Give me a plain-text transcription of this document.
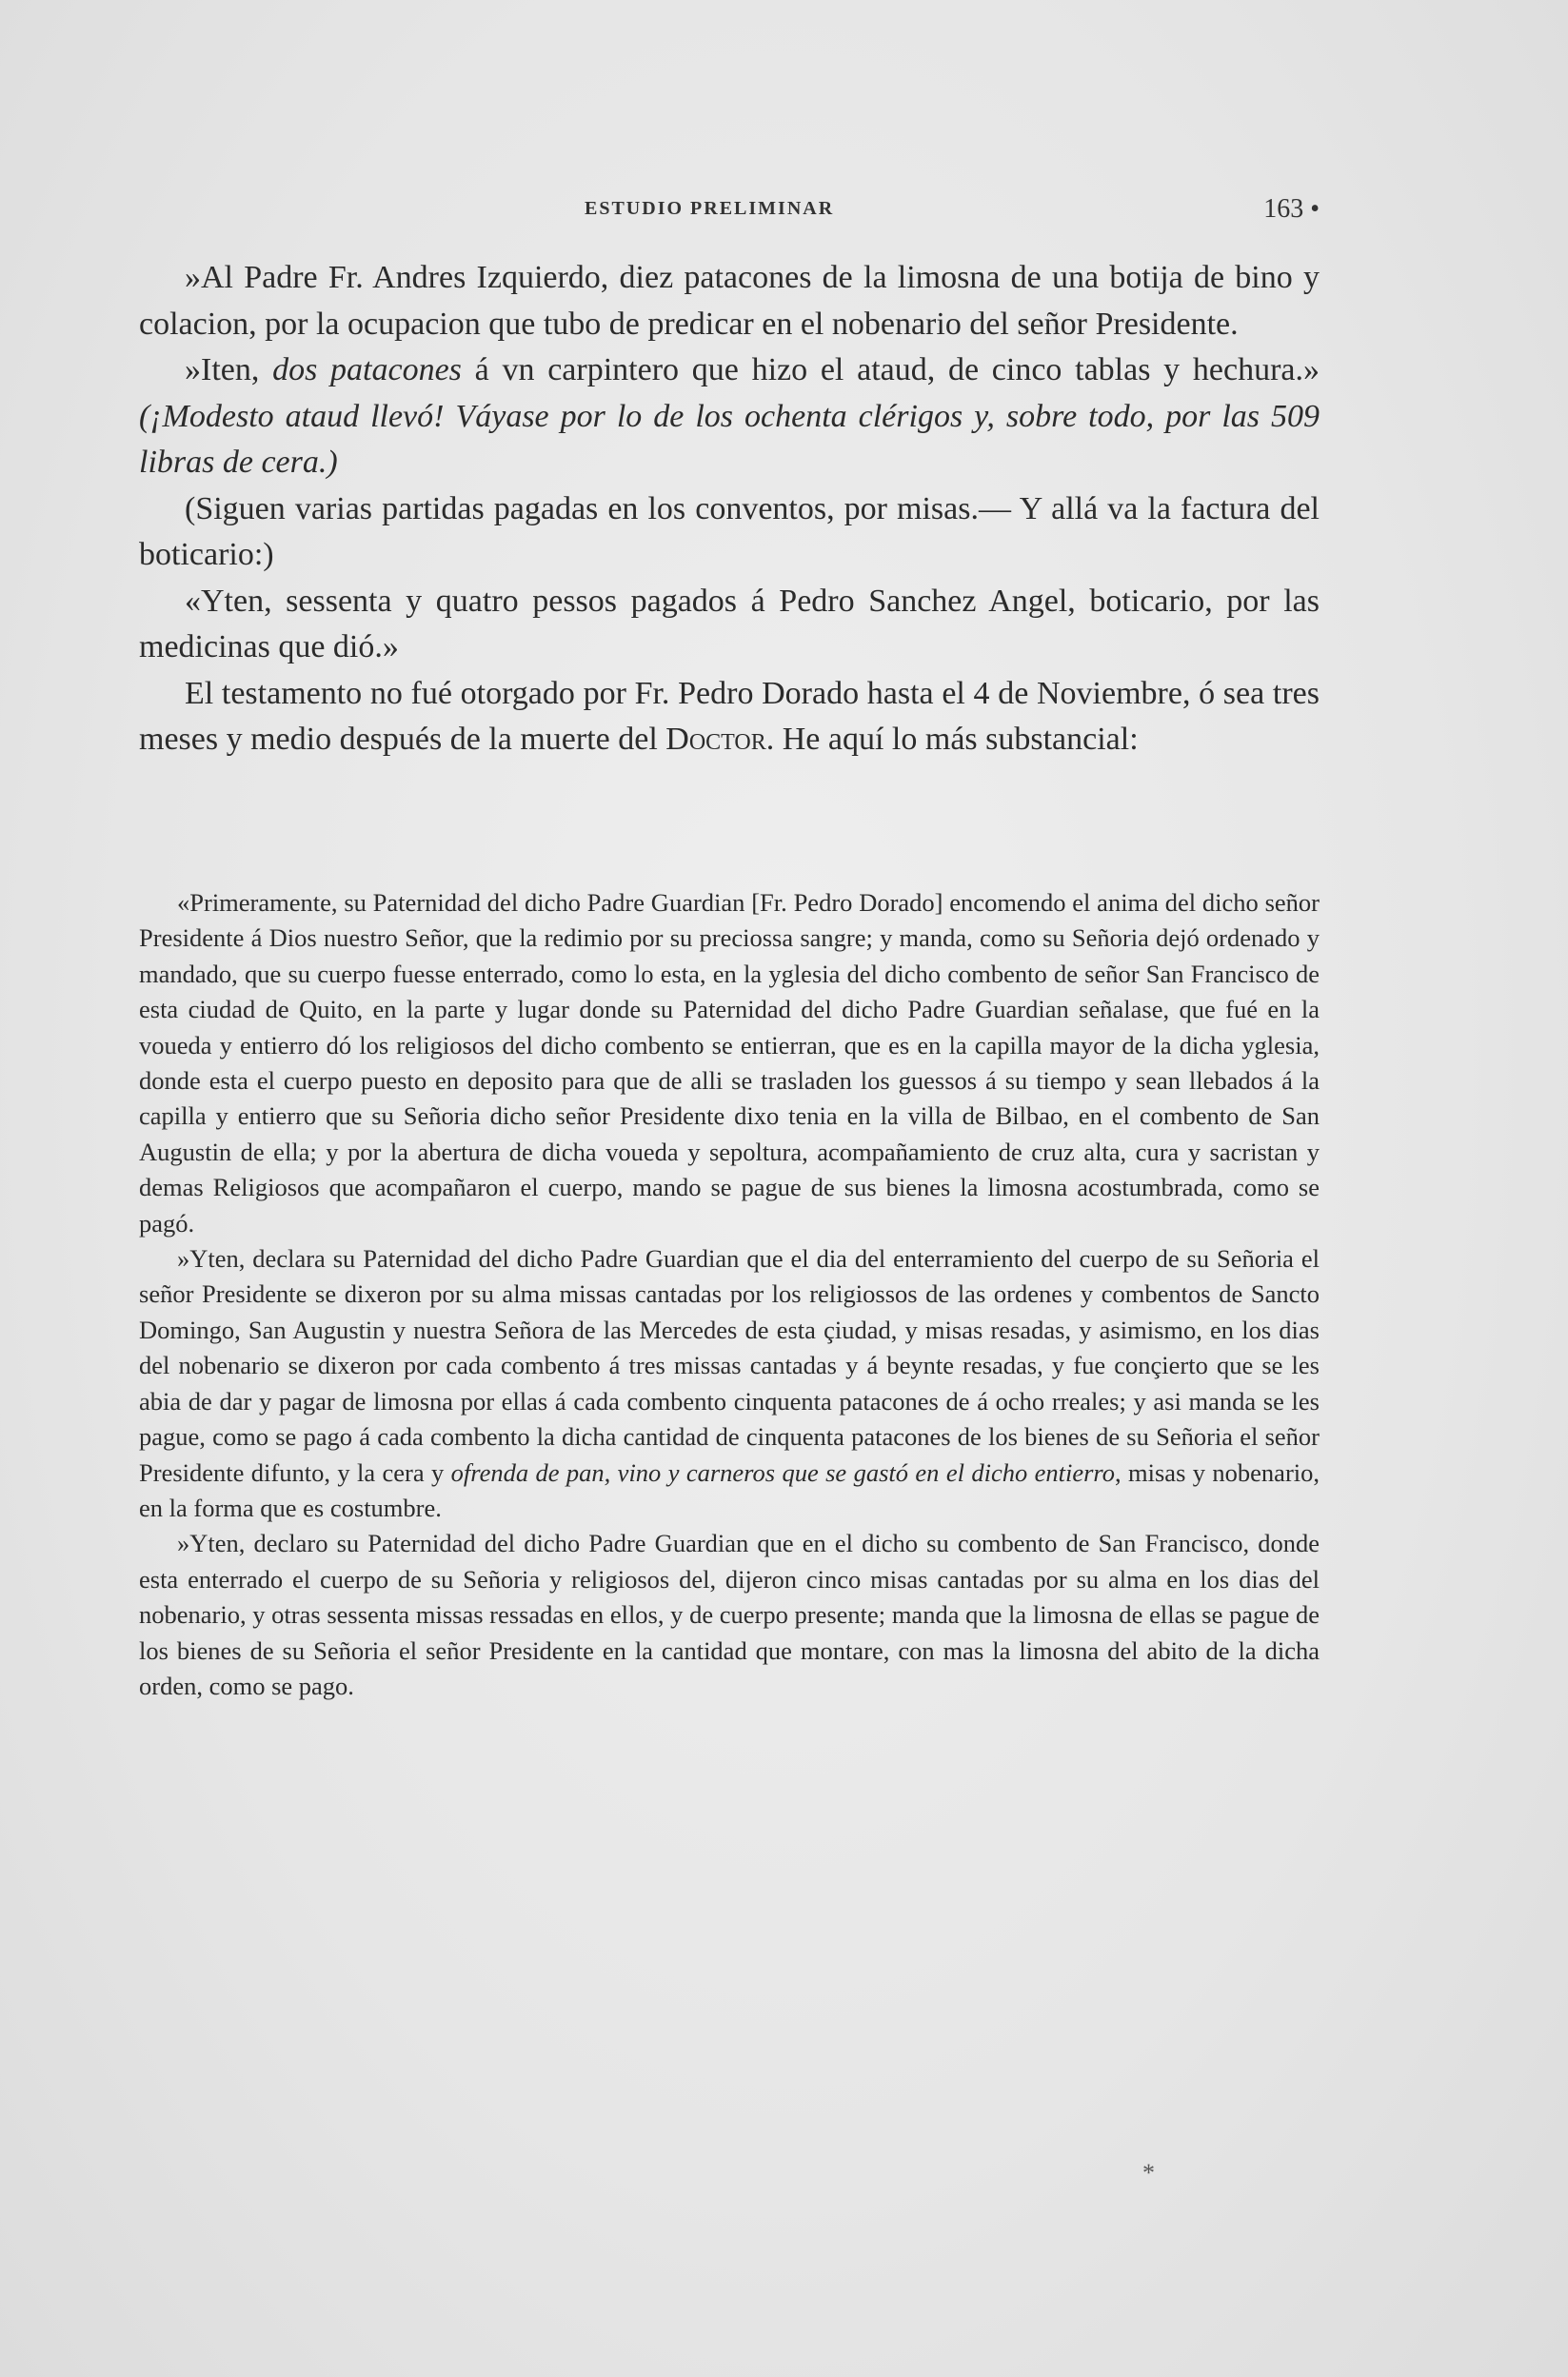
ESTUDIO PRELIMINAR	163 •

»Al Padre Fr. Andres Izquierdo, diez patacones de la limosna de una botija de bino y colacion, por la ocupacion que tubo de predicar en el nobenario del señor Presidente.

»Iten, dos patacones á vn carpintero que hizo el ataud, de cinco tablas y hechura.» (¡Modesto ataud llevó! Váyase por lo de los ochenta clérigos y, sobre todo, por las 509 libras de cera.)

(Siguen varias partidas pagadas en los conventos, por misas.— Y allá va la factura del boticario:)

«Yten, sessenta y quatro pessos pagados á Pedro Sanchez Angel, boticario, por las medicinas que dió.»

El testamento no fué otorgado por Fr. Pedro Dorado hasta el 4 de Noviembre, ó sea tres meses y medio después de la muerte del Doctor. He aquí lo más substancial:

«Primeramente, su Paternidad del dicho Padre Guardian [Fr. Pedro Dorado] encomendo el anima del dicho señor Presidente á Dios nuestro Señor, que la redimio por su preciossa sangre; y manda, como su Señoria dejó ordenado y mandado, que su cuerpo fuesse enterrado, como lo esta, en la yglesia del dicho combento de señor San Francisco de esta ciudad de Quito, en la parte y lugar donde su Paternidad del dicho Padre Guardian señalase, que fué en la voueda y entierro dó los religiosos del dicho combento se entierran, que es en la capilla mayor de la dicha yglesia, donde esta el cuerpo puesto en deposito para que de alli se trasladen los guessos á su tiempo y sean llebados á la capilla y entierro que su Señoria dicho señor Presidente dixo tenia en la villa de Bilbao, en el combento de San Augustin de ella; y por la abertura de dicha voueda y sepoltura, acompañamiento de cruz alta, cura y sacristan y demas Religiosos que acompañaron el cuerpo, mando se pague de sus bienes la limosna acostumbrada, como se pagó.

»Yten, declara su Paternidad del dicho Padre Guardian que el dia del enterramiento del cuerpo de su Señoria el señor Presidente se dixeron por su alma missas cantadas por los religiossos de las ordenes y combentos de Sancto Domingo, San Augustin y nuestra Señora de las Mercedes de esta çiudad, y misas resadas, y asimismo, en los dias del nobenario se dixeron por cada combento á tres missas cantadas y á beynte resadas, y fue conçierto que se les abia de dar y pagar de limosna por ellas á cada combento cinquenta patacones de á ocho rreales; y asi manda se les pague, como se pago á cada combento la dicha cantidad de cinquenta patacones de los bienes de su Señoria el señor Presidente difunto, y la cera y ofrenda de pan, vino y carneros que se gastó en el dicho entierro, misas y nobenario, en la forma que es costumbre.

»Yten, declaro su Paternidad del dicho Padre Guardian que en el dicho su combento de San Francisco, donde esta enterrado el cuerpo de su Señoria y religiosos del, dijeron cinco misas cantadas por su alma en los dias del nobenario, y otras sessenta missas ressadas en ellos, y de cuerpo presente; manda que la limosna de ellas se pague de los bienes de su Señoria el señor Presidente en la cantidad que montare, con mas la limosna del abito de la dicha orden, como se pago.

*
